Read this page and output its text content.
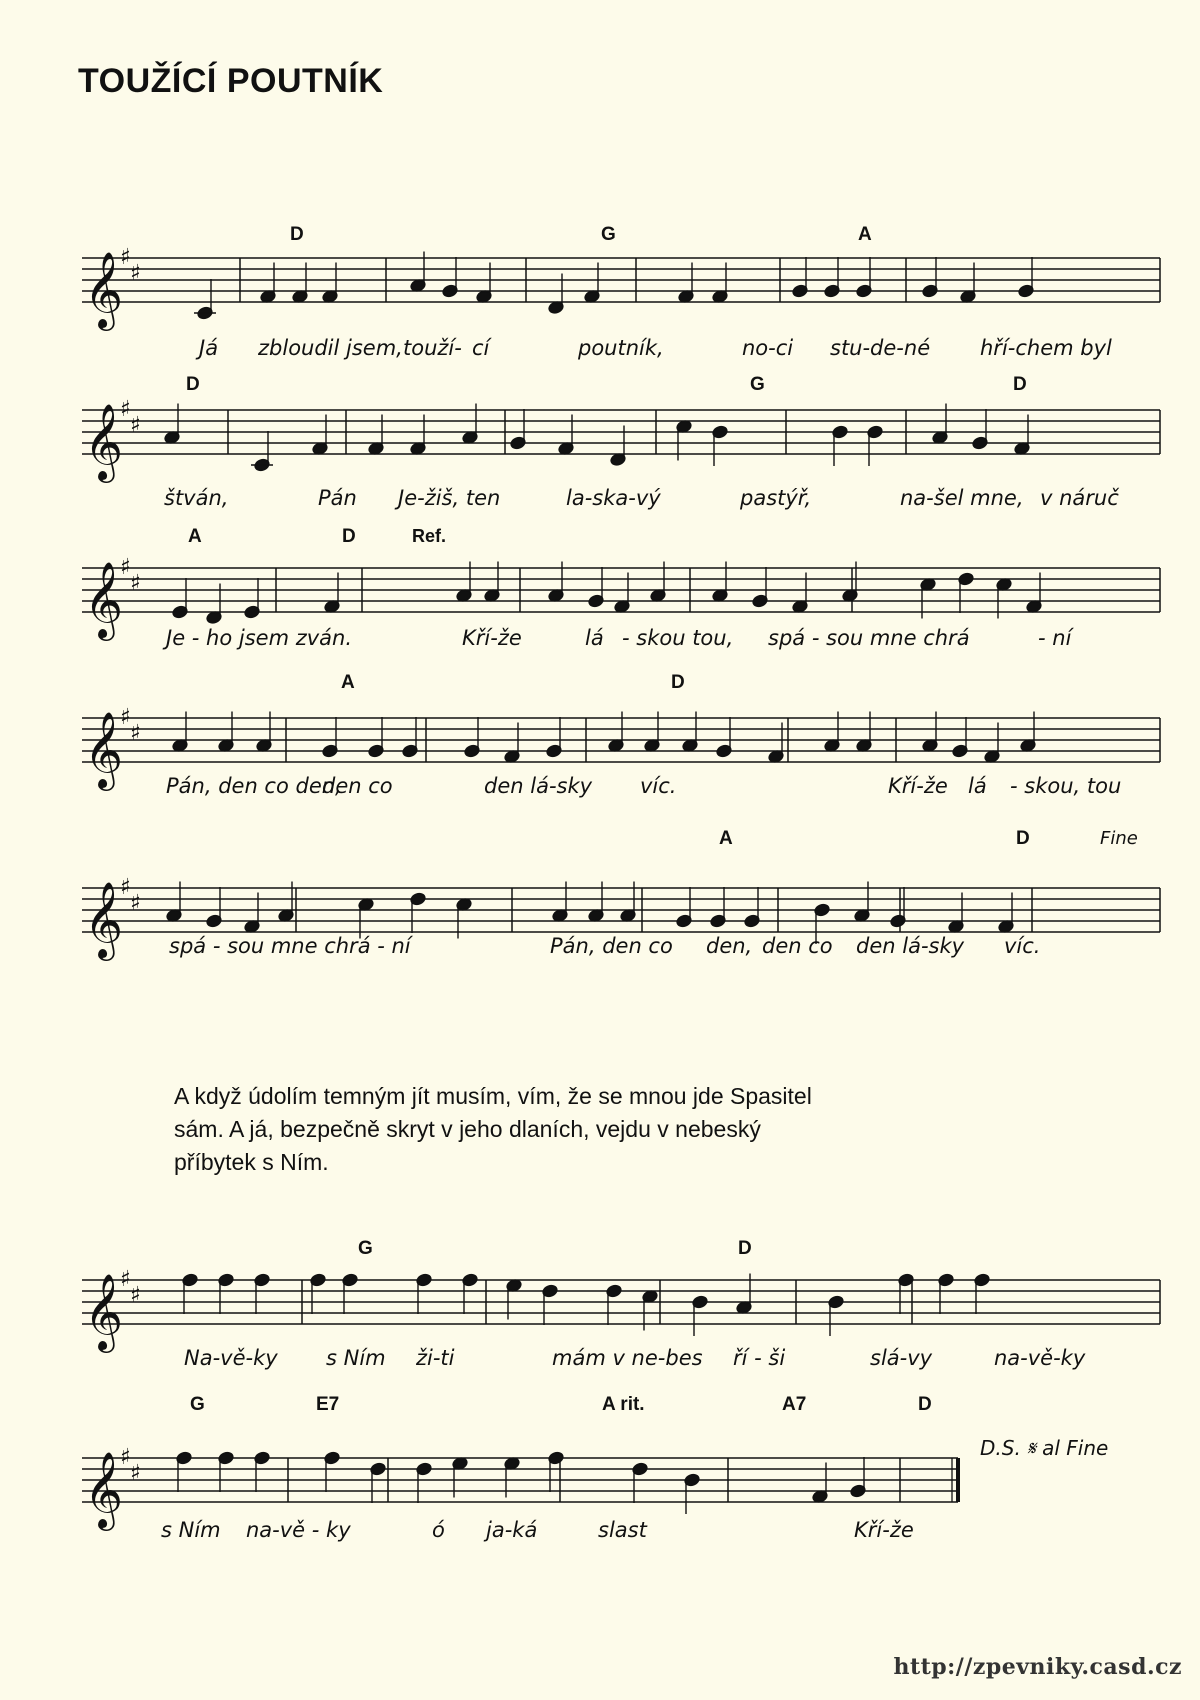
TOUŽÍCÍ POUTNÍK
𝄞
♯
♯
D	G	A
Já zbloudil jsem, touží- cí	poutník,	no-ci stu-de-né hří-chem byl
𝄞
♯
♯
D	G	D
štván,	Pán Je-žiš, ten	la-ska-vý	pastýř,	na-šel mne, v náruč
𝄞
♯
♯
A	D	Ref.
Je - ho jsem zván.	Kří-že	lá - skou tou, spá - sou mne chrá	- ní
𝄞
♯
♯
A	D
Pán, den co den,
den co	den lá-sky víc.	Kří-že lá - skou, tou
𝄞
♯
♯
A	D	Fine
spá - sou mne chrá - ní	Pán, den co den, den co den lá-sky víc.
A když údolím temným jít musím, vím, že se mnou jde Spasitel
sám. A já, bezpečně skryt v jeho dlaních, vejdu v nebeský
příbytek s Ním.
𝄞
♯
♯
G	D
Na-vě-ky s Ním ži-ti	mám v ne-bes ří - ši	slá-vy	na-vě-ky
𝄞
♯
♯
G	E7	A rit.	A7	D
D.S. 𝄋 al Fine
s Ním na-vě - ky	ó ja-ká	slast	Kří-že
http://zpevniky.casd.cz
